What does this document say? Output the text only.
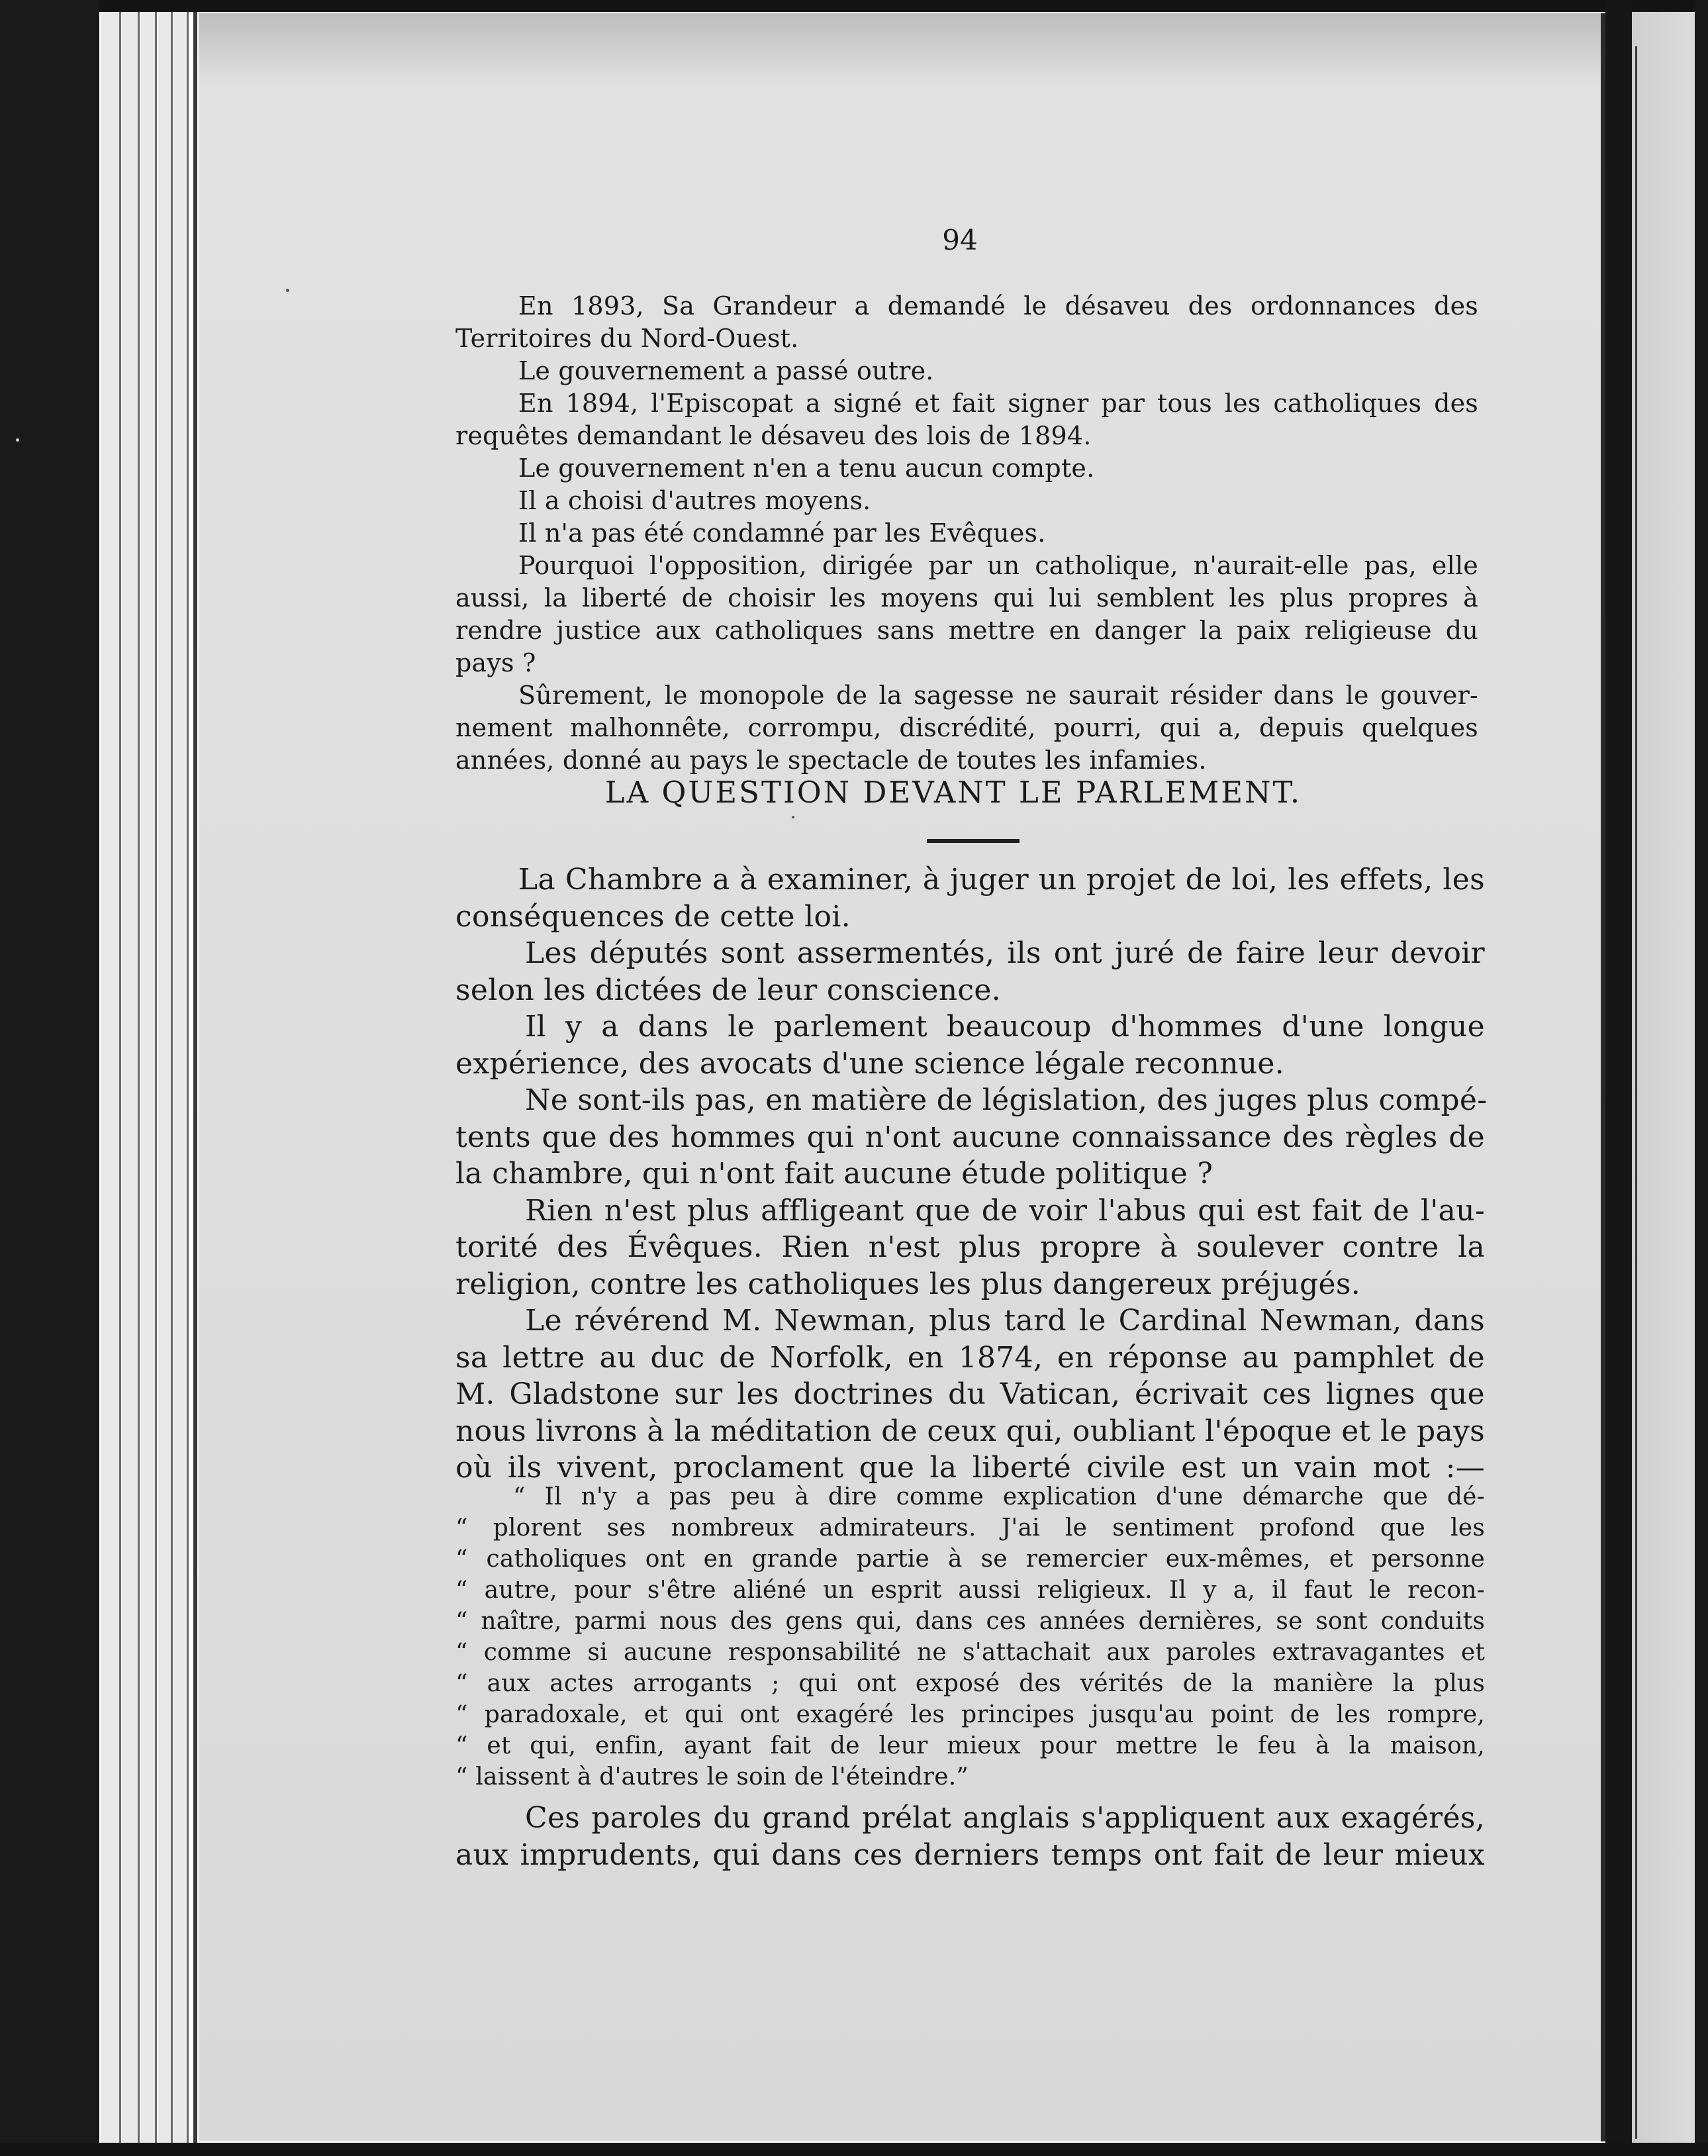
94
En 1893, Sa Grandeur a demandé le désaveu des ordonnances des
Territoires du Nord-Ouest.
Le gouvernement a passé outre.
En 1894, l'Episcopat a signé et fait signer par tous les catholiques des
requêtes demandant le désaveu des lois de 1894.
Le gouvernement n'en a tenu aucun compte.
Il a choisi d'autres moyens.
Il n'a pas été condamné par les Evêques.
Pourquoi l'opposition, dirigée par un catholique, n'aurait-elle pas, elle
aussi, la liberté de choisir les moyens qui lui semblent les plus propres à
rendre justice aux catholiques sans mettre en danger la paix religieuse du
pays ?
Sûrement, le monopole de la sagesse ne saurait résider dans le gouver-
nement malhonnête, corrompu, discrédité, pourri, qui a, depuis quelques
années, donné au pays le spectacle de toutes les infamies.
LA QUESTION DEVANT LE PARLEMENT.
La Chambre a à examiner, à juger un projet de loi, les effets, les
conséquences de cette loi.
Les députés sont assermentés, ils ont juré de faire leur devoir
selon les dictées de leur conscience.
Il y a dans le parlement beaucoup d'hommes d'une longue
expérience, des avocats d'une science légale reconnue.
Ne sont-ils pas, en matière de législation, des juges plus compé-
tents que des hommes qui n'ont aucune connaissance des règles de
la chambre, qui n'ont fait aucune étude politique ?
Rien n'est plus affligeant que de voir l'abus qui est fait de l'au-
torité des Évêques. Rien n'est plus propre à soulever contre la
religion, contre les catholiques les plus dangereux préjugés.
Le révérend M. Newman, plus tard le Cardinal Newman, dans
sa lettre au duc de Norfolk, en 1874, en réponse au pamphlet de
M. Gladstone sur les doctrines du Vatican, écrivait ces lignes que
nous livrons à la méditation de ceux qui, oubliant l'époque et le pays
où ils vivent, proclament que la liberté civile est un vain mot :—
“ Il n'y a pas peu à dire comme explication d'une démarche que dé-
“ plorent ses nombreux admirateurs. J'ai le sentiment profond que les
“ catholiques ont en grande partie à se remercier eux-mêmes, et personne
“ autre, pour s'être aliéné un esprit aussi religieux. Il y a, il faut le recon-
“ naître, parmi nous des gens qui, dans ces années dernières, se sont conduits
“ comme si aucune responsabilité ne s'attachait aux paroles extravagantes et
“ aux actes arrogants ; qui ont exposé des vérités de la manière la plus
“ paradoxale, et qui ont exagéré les principes jusqu'au point de les rompre,
“ et qui, enfin, ayant fait de leur mieux pour mettre le feu à la maison,
“ laissent à d'autres le soin de l'éteindre.”
Ces paroles du grand prélat anglais s'appliquent aux exagérés,
aux imprudents, qui dans ces derniers temps ont fait de leur mieux
